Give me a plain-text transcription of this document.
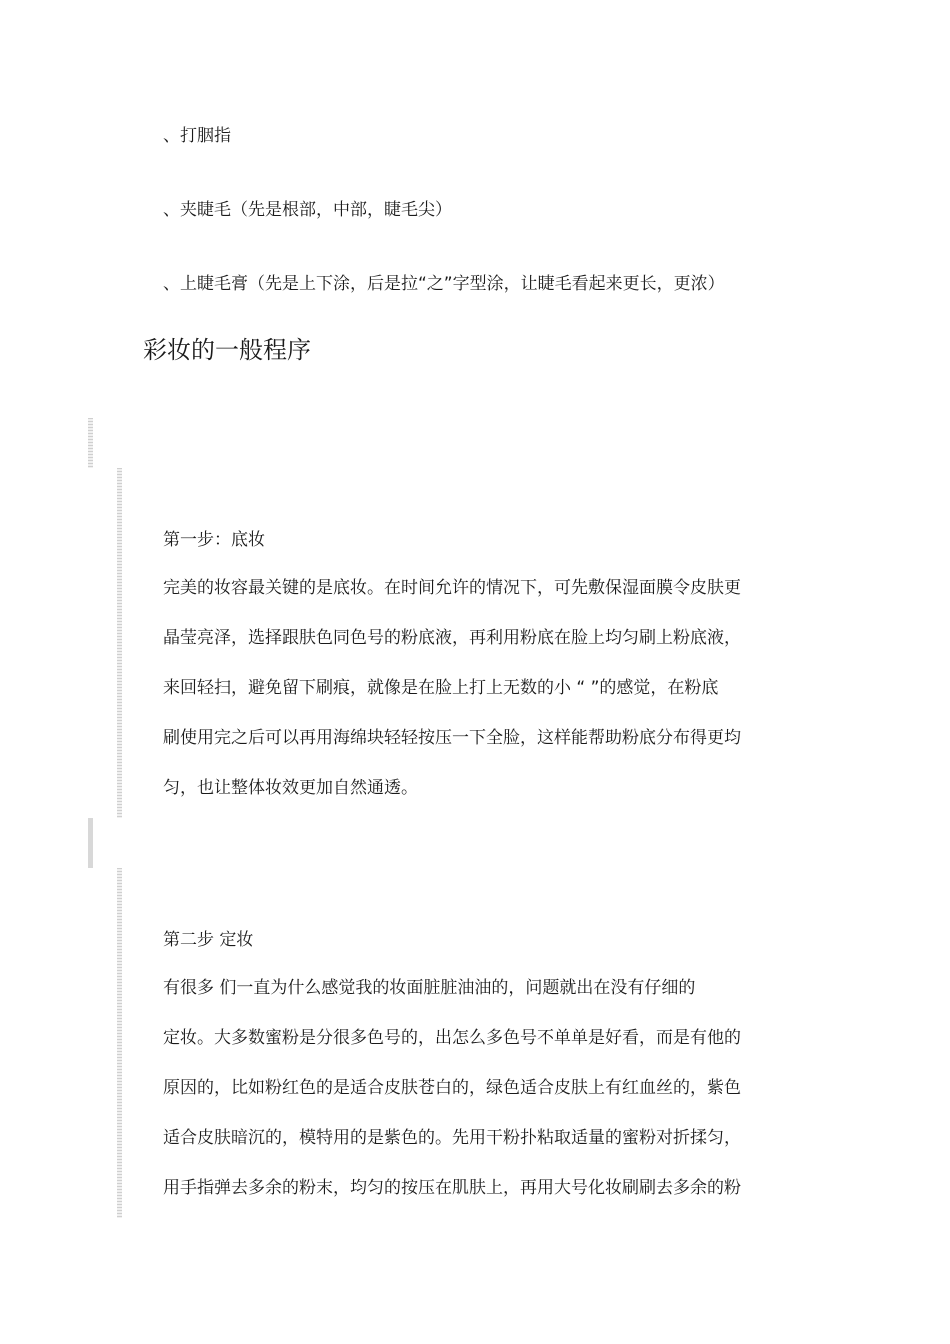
、打胭指
、夹睫毛（先是根部，中部，睫毛尖）
、上睫毛膏（先是上下涂，后是拉“之”字型涂，让睫毛看起来更长，更浓）
彩妆的一般程序
第一步：底妆
完美的妆容最关键的是底妆。在时间允许的情况下，可先敷保湿面膜令皮肤更
晶莹亮泽，选择跟肤色同色号的粉底液，再利用粉底在脸上均匀刷上粉底液，
来回轻扫，避免留下刷痕，就像是在脸上打上无数的小 “ ”的感觉，在粉底
刷使用完之后可以再用海绵块轻轻按压一下全脸，这样能帮助粉底分布得更均
匀，也让整体妆效更加自然通透。
第二步 定妆
有很多 们一直为什么感觉我的妆面脏脏油油的，问题就出在没有仔细的
定妆。大多数蜜粉是分很多色号的，出怎么多色号不单单是好看，而是有他的
原因的，比如粉红色的是适合皮肤苍白的，绿色适合皮肤上有红血丝的，紫色
适合皮肤暗沉的，模特用的是紫色的。先用干粉扑粘取适量的蜜粉对折揉匀，
用手指弹去多余的粉末，均匀的按压在肌肤上，再用大号化妆刷刷去多余的粉
